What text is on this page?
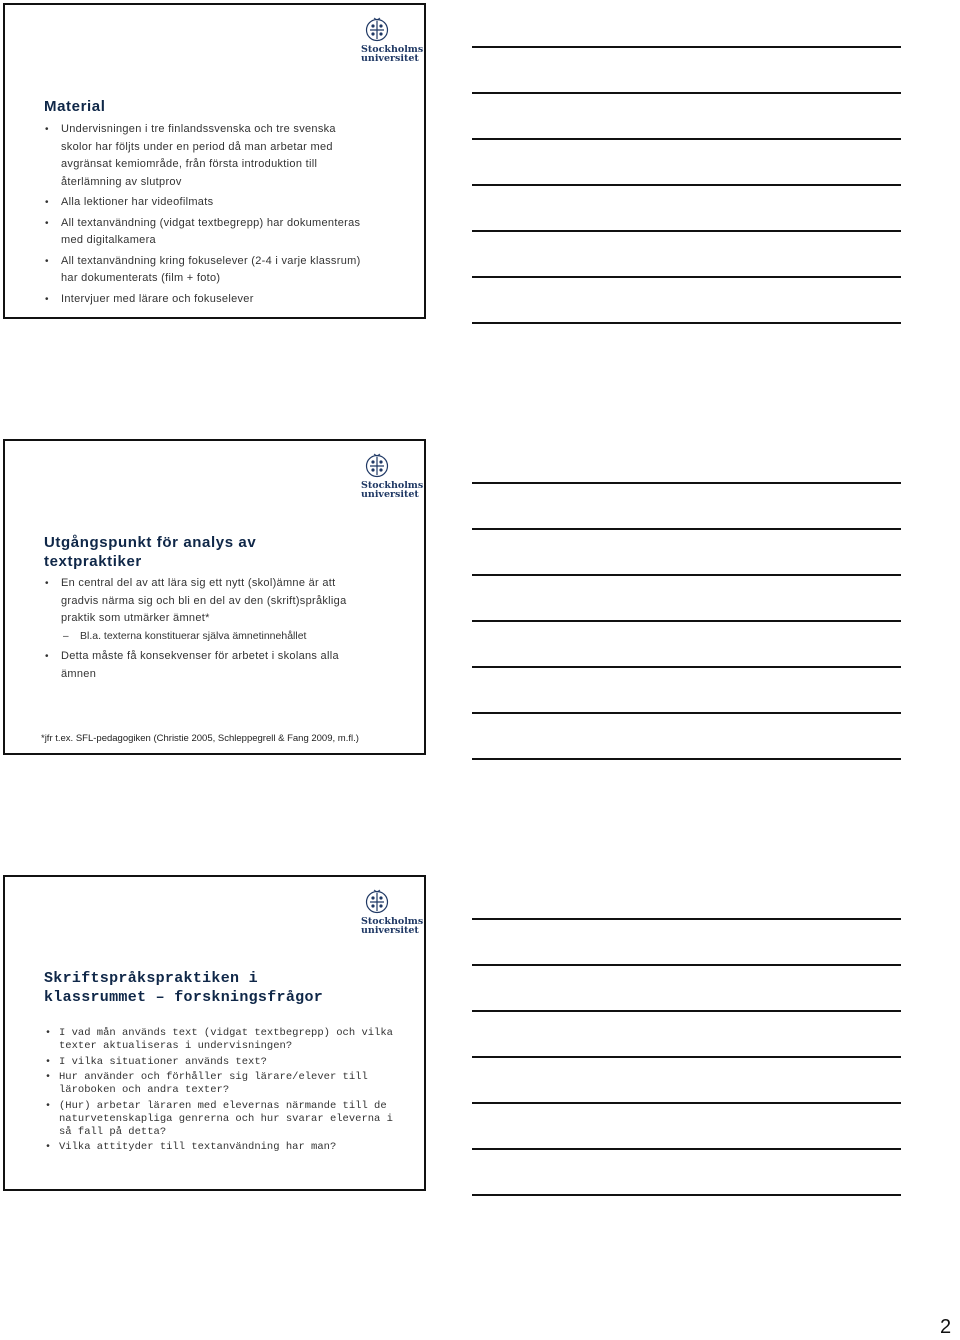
Stockholms
universitet
Material
• Undervisningen i tre finlandssvenska och tre svenska skolor har följts under en period då man arbetar med avgränsat kemiområde, från första introduktion till återlämning av slutprov
• Alla lektioner har videofilmats
• All textanvändning (vidgat textbegrepp) har dokumenteras med digitalkamera
• All textanvändning kring fokuselever (2-4 i varje klassrum) har dokumenterats (film + foto)
• Intervjuer med lärare och fokuselever
Stockholms
universitet
Utgångspunkt för analys av textpraktiker
• En central del av att lära sig ett nytt (skol)ämne är att gradvis närma sig och bli en del av den (skrift)språkliga praktik som utmärker ämnet*
– Bl.a. texterna konstituerar själva ämnetinnehållet
• Detta måste få konsekvenser för arbetet i skolans alla ämnen
*jfr t.ex. SFL-pedagogiken (Christie 2005, Schleppegrell & Fang 2009, m.fl.)
Stockholms
universitet
Skriftspråkspraktiken i klassrummet – forskningsfrågor
• I vad mån används text (vidgat textbegrepp) och vilka texter aktualiseras i undervisningen?
• I vilka situationer används text?
• Hur använder och förhåller sig lärare/elever till läroboken och andra texter?
• (Hur) arbetar läraren med elevernas närmande till de naturvetenskapliga genrerna och hur svarar eleverna i så fall på detta?
• Vilka attityder till textanvändning har man?
2
